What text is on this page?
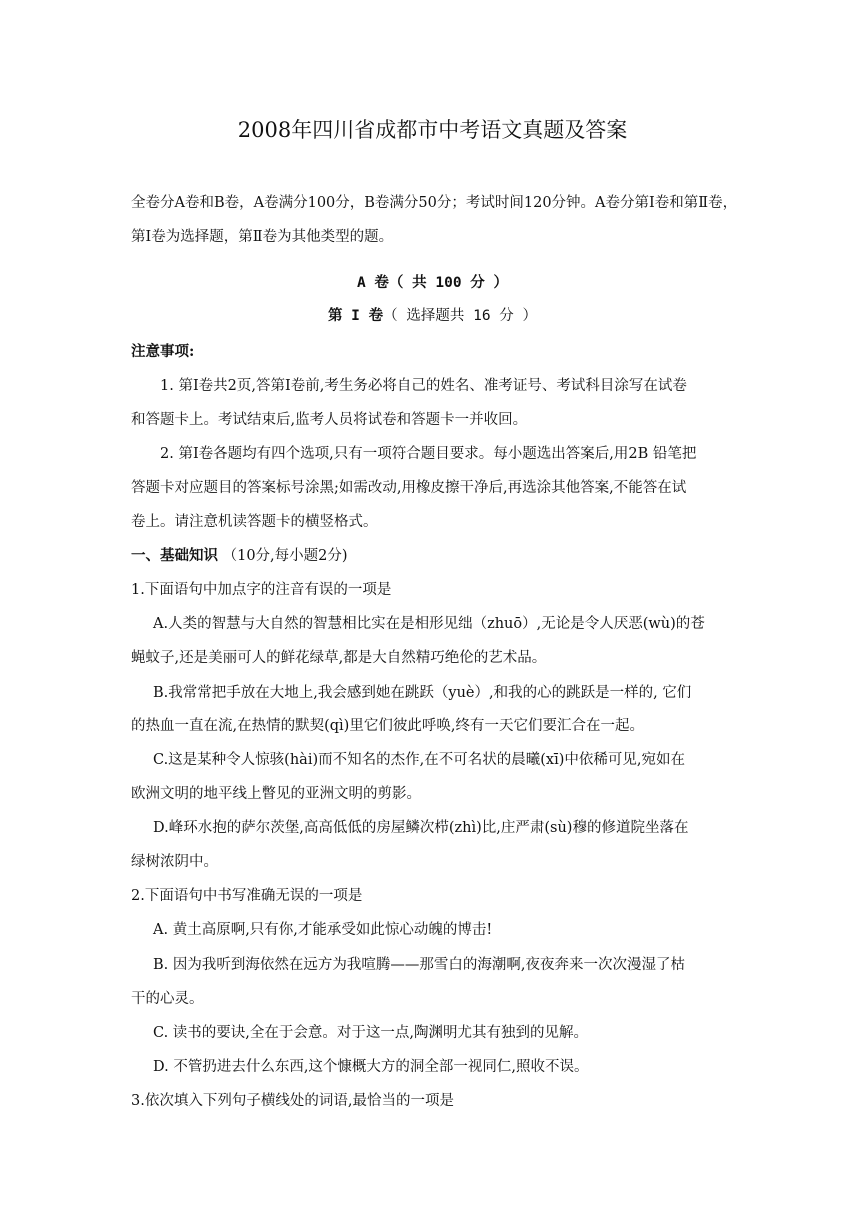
2008年四川省成都市中考语文真题及答案
全卷分A卷和B卷，A卷满分100分，B卷满分50分；考试时间120分钟。A卷分第Ⅰ卷和第Ⅱ卷，
第Ⅰ卷为选择题，第Ⅱ卷为其他类型的题。
A 卷（ 共 100 分 ）
第 I 卷（ 选择题共 16 分 ）
注意事项:
1. 第I卷共2页,答第I卷前,考生务必将自己的姓名、准考证号、考试科目涂写在试卷
和答题卡上。考试结束后,监考人员将试卷和答题卡一并收回。
2. 第I卷各题均有四个选项,只有一项符合题目要求。每小题选出答案后,用2B 铅笔把
答题卡对应题目的答案标号涂黑;如需改动,用橡皮擦干净后,再选涂其他答案,不能答在试
卷上。请注意机读答题卡的横竖格式。
一、基础知识 （10分,每小题2分)
1.下面语句中加点字的注音有误的一项是
A.人类的智慧与大自然的智慧相比实在是相形见绌（zhuō）,无论是令人厌恶(wù)的苍
蝇蚊子,还是美丽可人的鲜花绿草,都是大自然精巧绝伦的艺术品。
B.我常常把手放在大地上,我会感到她在跳跃（yuè）,和我的心的跳跃是一样的, 它们
的热血一直在流,在热情的默契(qì)里它们彼此呼唤,终有一天它们要汇合在一起。
C.这是某种令人惊骇(hài)而不知名的杰作,在不可名状的晨曦(xī)中依稀可见,宛如在
欧洲文明的地平线上瞥见的亚洲文明的剪影。
D.峰环水抱的萨尔茨堡,高高低低的房屋鳞次栉(zhì)比,庄严肃(sù)穆的修道院坐落在
绿树浓阴中。
2.下面语句中书写准确无误的一项是
A. 黄土高原啊,只有你,才能承受如此惊心动魄的博击!
B. 因为我听到海依然在远方为我喧腾——那雪白的海潮啊,夜夜奔来一次次漫湿了枯
干的心灵。
C. 读书的要诀,全在于会意。对于这一点,陶渊明尤其有独到的见解。
D. 不管扔进去什么东西,这个慷概大方的洞全部一视同仁,照收不误。
3.依次填入下列句子横线处的词语,最恰当的一项是
